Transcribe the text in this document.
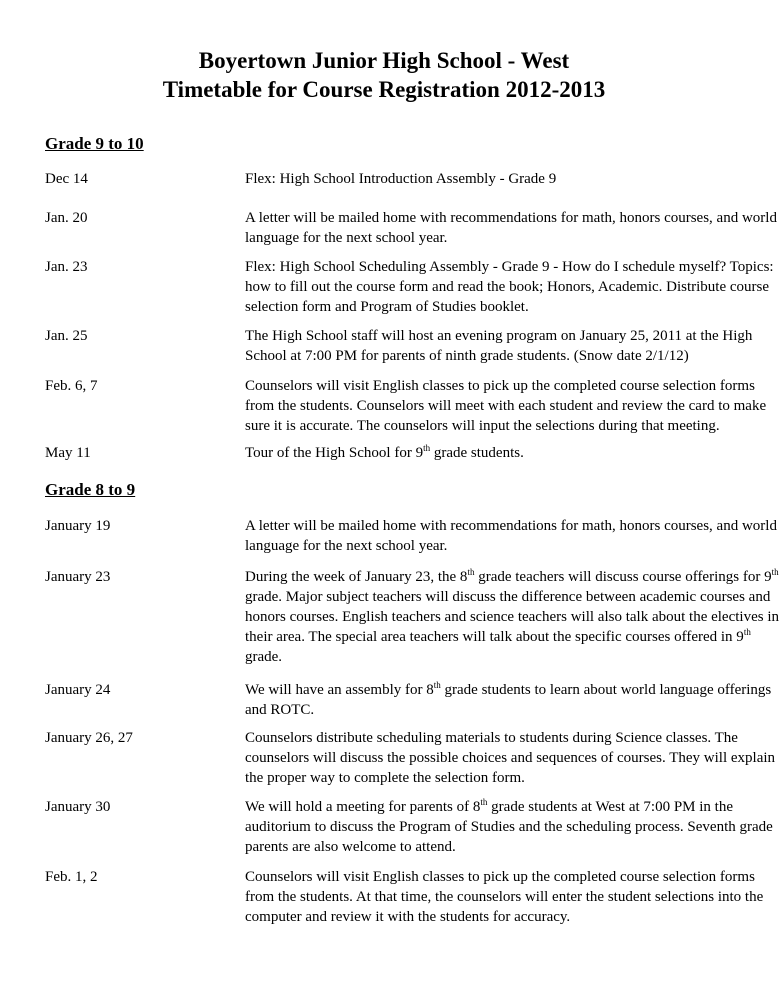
Boyertown Junior High School - West
Timetable for Course Registration 2012-2013
Grade 9 to 10
Dec 14	Flex: High School Introduction Assembly - Grade 9
Jan. 20	A letter will be mailed home with recommendations for math, honors courses, and world language for the next school year.
Jan. 23	Flex: High School Scheduling Assembly - Grade 9 - How do I schedule myself? Topics: how to fill out the course form and read the book; Honors, Academic. Distribute course selection form and Program of Studies booklet.
Jan. 25	The High School staff will host an evening program on January 25, 2011 at the High School at 7:00 PM for parents of ninth grade students. (Snow date 2/1/12)
Feb. 6, 7	Counselors will visit English classes to pick up the completed course selection forms from the students. Counselors will meet with each student and review the card to make sure it is accurate. The counselors will input the selections during that meeting.
May 11	Tour of the High School for 9th grade students.
Grade 8 to 9
January 19	A letter will be mailed home with recommendations for math, honors courses, and world language for the next school year.
January 23	During the week of January 23, the 8th grade teachers will discuss course offerings for 9th grade. Major subject teachers will discuss the difference between academic courses and honors courses. English teachers and science teachers will also talk about the electives in their area. The special area teachers will talk about the specific courses offered in 9th grade.
January 24	We will have an assembly for 8th grade students to learn about world language offerings and ROTC.
January 26, 27	Counselors distribute scheduling materials to students during Science classes. The counselors will discuss the possible choices and sequences of courses. They will explain the proper way to complete the selection form.
January 30	We will hold a meeting for parents of 8th grade students at West at 7:00 PM in the auditorium to discuss the Program of Studies and the scheduling process. Seventh grade parents are also welcome to attend.
Feb. 1, 2	Counselors will visit English classes to pick up the completed course selection forms from the students. At that time, the counselors will enter the student selections into the computer and review it with the students for accuracy.
